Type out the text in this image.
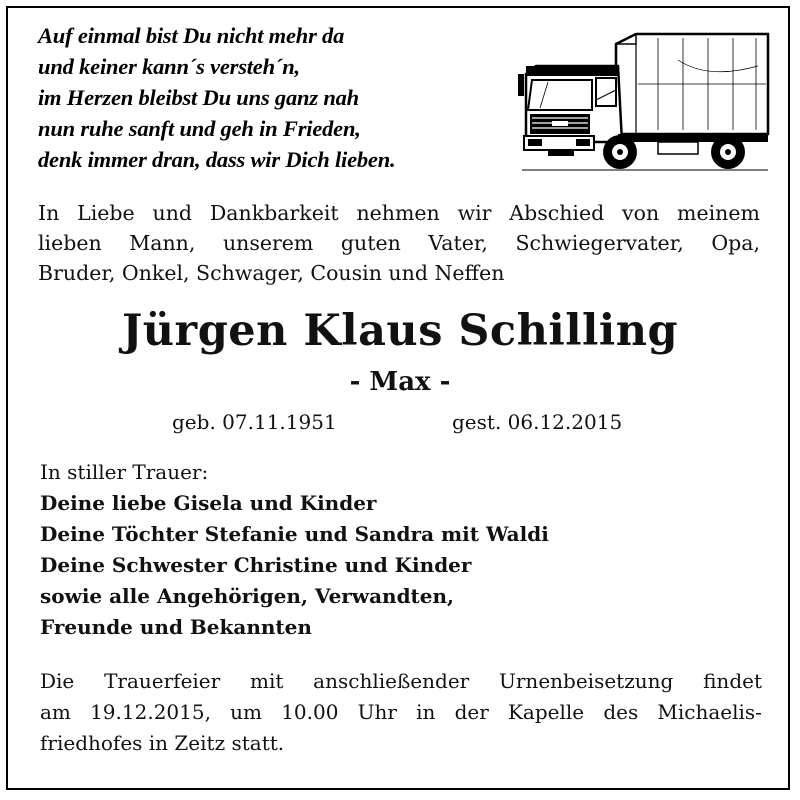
Auf einmal bist Du nicht mehr da
und keiner kann´s versteh´n,
im Herzen bleibst Du uns ganz nah
nun ruhe sanft und geh in Frieden,
denk immer dran, dass wir Dich lieben.
In Liebe und Dankbarkeit nehmen wir Abschied von meinem
lieben Mann, unserem guten Vater, Schwiegervater, Opa,
Bruder, Onkel, Schwager, Cousin und Neffen
Jürgen Klaus Schilling
- Max -
geb. 07.11.1951	gest. 06.12.2015
In stiller Trauer:
Deine liebe Gisela und Kinder
Deine Töchter Stefanie und Sandra mit Waldi
Deine Schwester Christine und Kinder
sowie alle Angehörigen, Verwandten,
Freunde und Bekannten
Die Trauerfeier mit anschließender Urnenbeisetzung findet
am 19.12.2015, um 10.00 Uhr in der Kapelle des Michaelis-
friedhofes in Zeitz statt.
